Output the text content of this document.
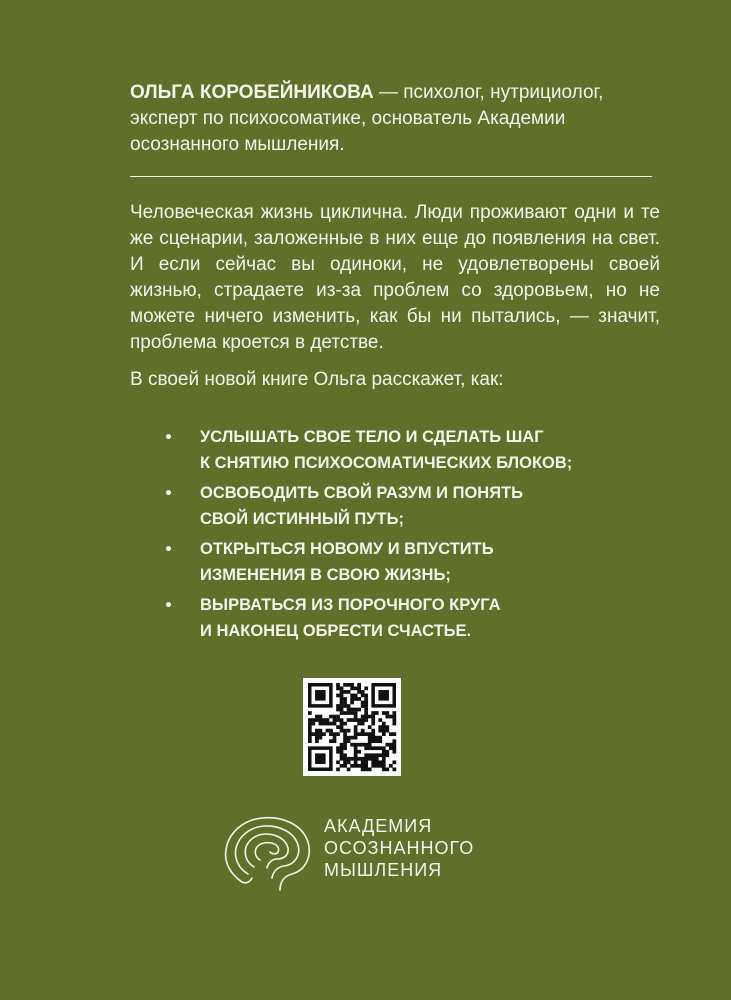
ОЛЬГА КОРОБЕЙНИКОВА — психолог, нутрициолог, эксперт по психосоматике, основатель Академии осознанного мышления.

Человеческая жизнь циклична. Люди проживают одни и те же сценарии, заложенные в них еще до появления на свет. И если сейчас вы одиноки, не удовлетворены своей жизнью, страдаете из-за проблем со здоровьем, но не можете ничего изменить, как бы ни пытались, — значит, проблема кроется в детстве.

В своей новой книге Ольга расскажет, как:

УСЛЫШАТЬ СВОЕ ТЕЛО И СДЕЛАТЬ ШАГ
К СНЯТИЮ ПСИХОСОМАТИЧЕСКИХ БЛОКОВ;
ОСВОБОДИТЬ СВОЙ РАЗУМ И ПОНЯТЬ
СВОЙ ИСТИННЫЙ ПУТЬ;
ОТКРЫТЬСЯ НОВОМУ И ВПУСТИТЬ
ИЗМЕНЕНИЯ В СВОЮ ЖИЗНЬ;
ВЫРВАТЬСЯ ИЗ ПОРОЧНОГО КРУГА
И НАКОНЕЦ ОБРЕСТИ СЧАСТЬЕ.
АКАДЕМИЯ
ОСОЗНАННОГО
МЫШЛЕНИЯ
